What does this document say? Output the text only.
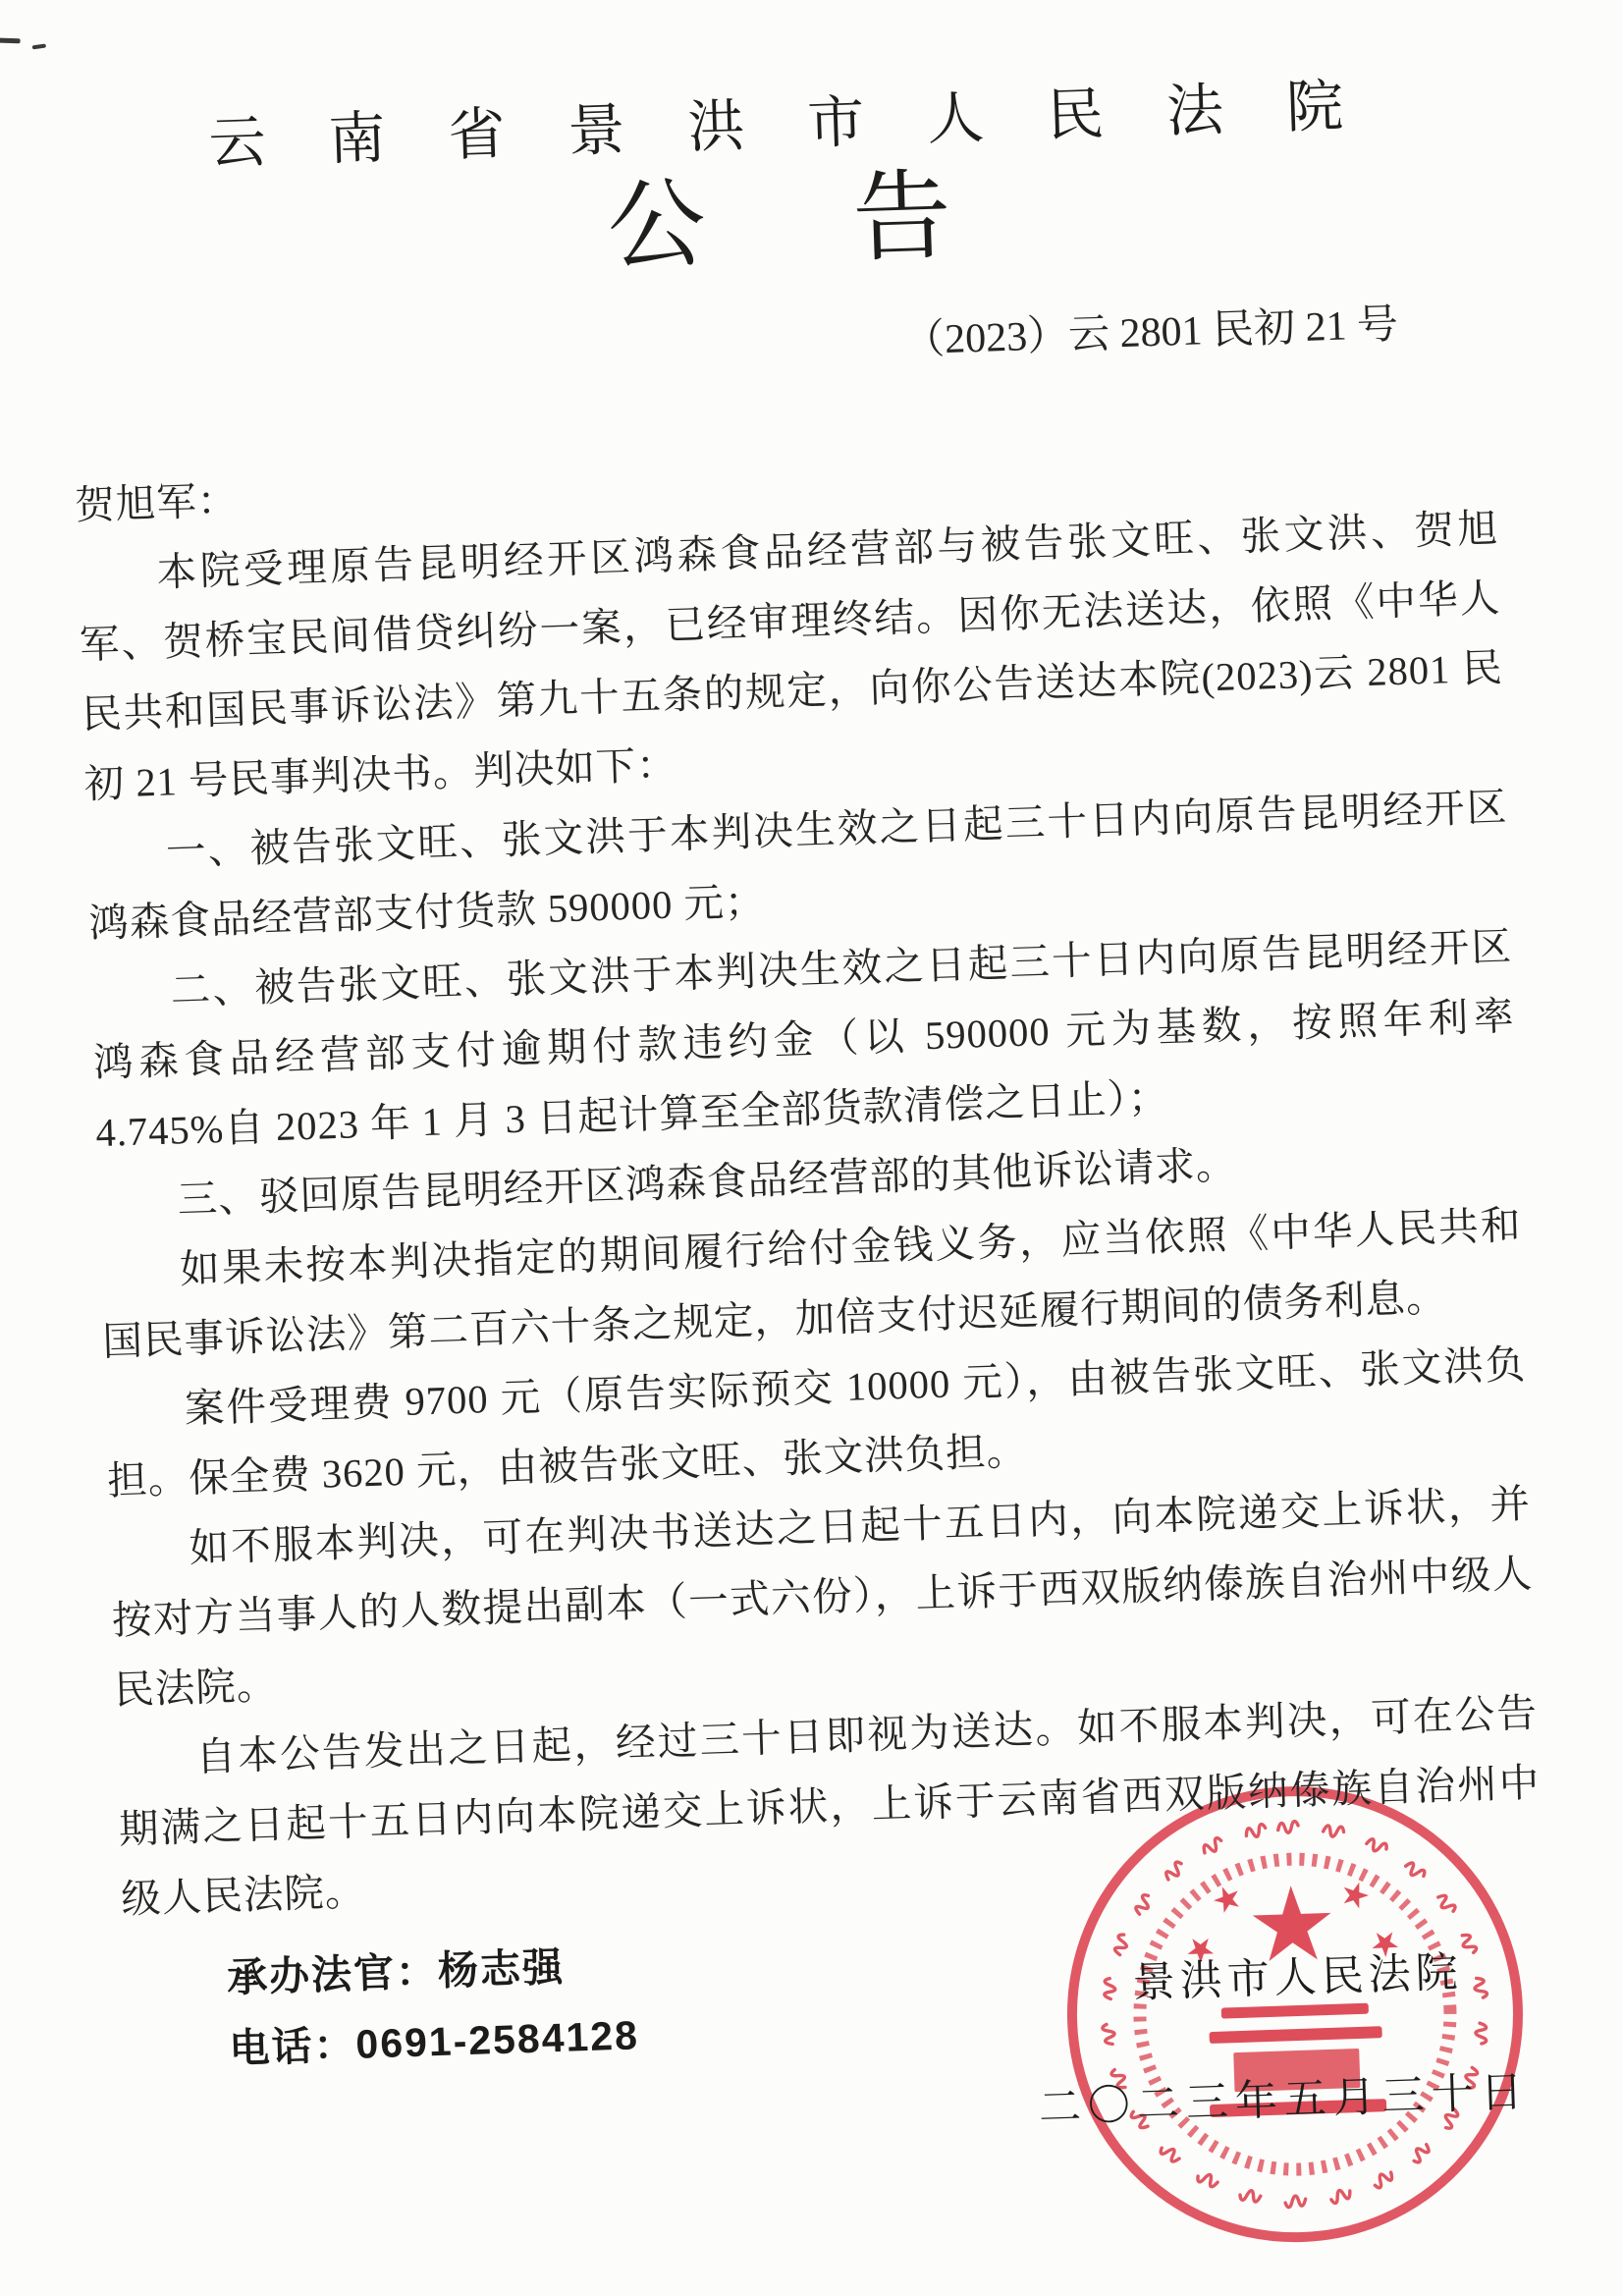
云南省景洪市人民法院
公告
（2023）云 2801 民初 21 号

贺旭军：

本院受理原告昆明经开区鸿森食品经营部与被告张文旺、张文洪、贺旭军、贺桥宝民间借贷纠纷一案，已经审理终结。因你无法送达，依照《中华人民共和国民事诉讼法》第九十五条的规定，向你公告送达本院(2023)云 2801 民初 21 号民事判决书。判决如下：

一、被告张文旺、张文洪于本判决生效之日起三十日内向原告昆明经开区鸿森食品经营部支付货款 590000 元；

二、被告张文旺、张文洪于本判决生效之日起三十日内向原告昆明经开区鸿森食品经营部支付逾期付款违约金（以 590000 元为基数，按照年利率 4.745%自 2023 年 1 月 3 日起计算至全部货款清偿之日止）；

三、驳回原告昆明经开区鸿森食品经营部的其他诉讼请求。

如果未按本判决指定的期间履行给付金钱义务，应当依照《中华人民共和国民事诉讼法》第二百六十条之规定，加倍支付迟延履行期间的债务利息。

案件受理费 9700 元（原告实际预交 10000 元），由被告张文旺、张文洪负担。保全费 3620 元，由被告张文旺、张文洪负担。

如不服本判决，可在判决书送达之日起十五日内，向本院递交上诉状，并按对方当事人的人数提出副本（一式六份），上诉于西双版纳傣族自治州中级人民法院。

自本公告发出之日起，经过三十日即视为送达。如不服本判决，可在公告期满之日起十五日内向本院递交上诉状，上诉于云南省西双版纳傣族自治州中级人民法院。

承办法官：杨志强
电话：0691-2584128
景洪市人民法院
二〇二三年五月三十日
